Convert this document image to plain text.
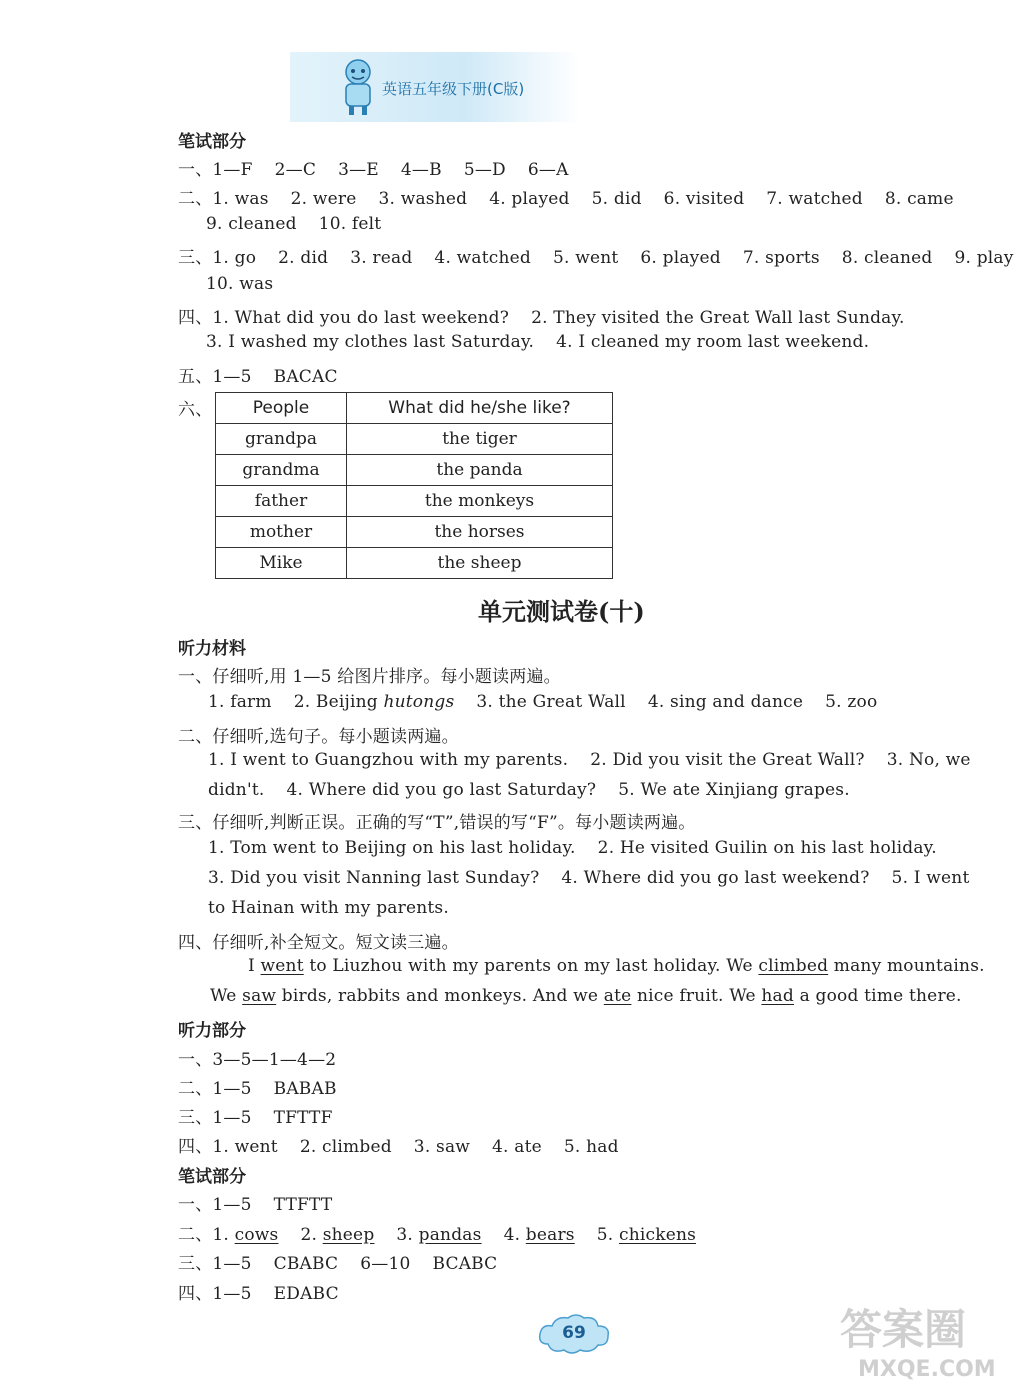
英语五年级下册(C版)
笔试部分
一、1—F 2—C 3—E 4—B 5—D 6—A
二、1. was 2. were 3. washed 4. played 5. did 6. visited 7. watched 8. came
9. cleaned 10. felt
三、1. go 2. did 3. read 4. watched 5. went 6. played 7. sports 8. cleaned 9. play
10. was
四、1. What did you do last weekend? 2. They visited the Great Wall last Sunday.
3. I washed my clothes last Saturday. 4. I cleaned my room last weekend.
五、1—5 BACAC
六、 People	What did he/she like?
grandpa	the tiger
grandma	the panda
father	the monkeys
mother	the horses
Mike	the sheep
单元测试卷(十)
听力材料
一、仔细听,用 1—5 给图片排序。每小题读两遍。
1. farm 2. Beijing hutongs 3. the Great Wall 4. sing and dance 5. zoo
二、仔细听,选句子。每小题读两遍。
1. I went to Guangzhou with my parents. 2. Did you visit the Great Wall? 3. No, we
didn't. 4. Where did you go last Saturday? 5. We ate Xinjiang grapes.
三、仔细听,判断正误。正确的写“T”,错误的写“F”。每小题读两遍。
1. Tom went to Beijing on his last holiday. 2. He visited Guilin on his last holiday.
3. Did you visit Nanning last Sunday? 4. Where did you go last weekend? 5. I went
to Hainan with my parents.
四、仔细听,补全短文。短文读三遍。
I went to Liuzhou with my parents on my last holiday. We climbed many mountains.
We saw birds, rabbits and monkeys. And we ate nice fruit. We had a good time there.
听力部分
一、3—5—1—4—2
二、1—5 BABAB
三、1—5 TFTTF
四、1. went 2. climbed 3. saw 4. ate 5. had
笔试部分
一、1—5 TTFTT
二、1. cows 2. sheep 3. pandas 4. bears 5. chickens
三、1—5 CBABC 6—10 BCABC
四、1—5 EDABC
69	答案圈
MXQE.COM
